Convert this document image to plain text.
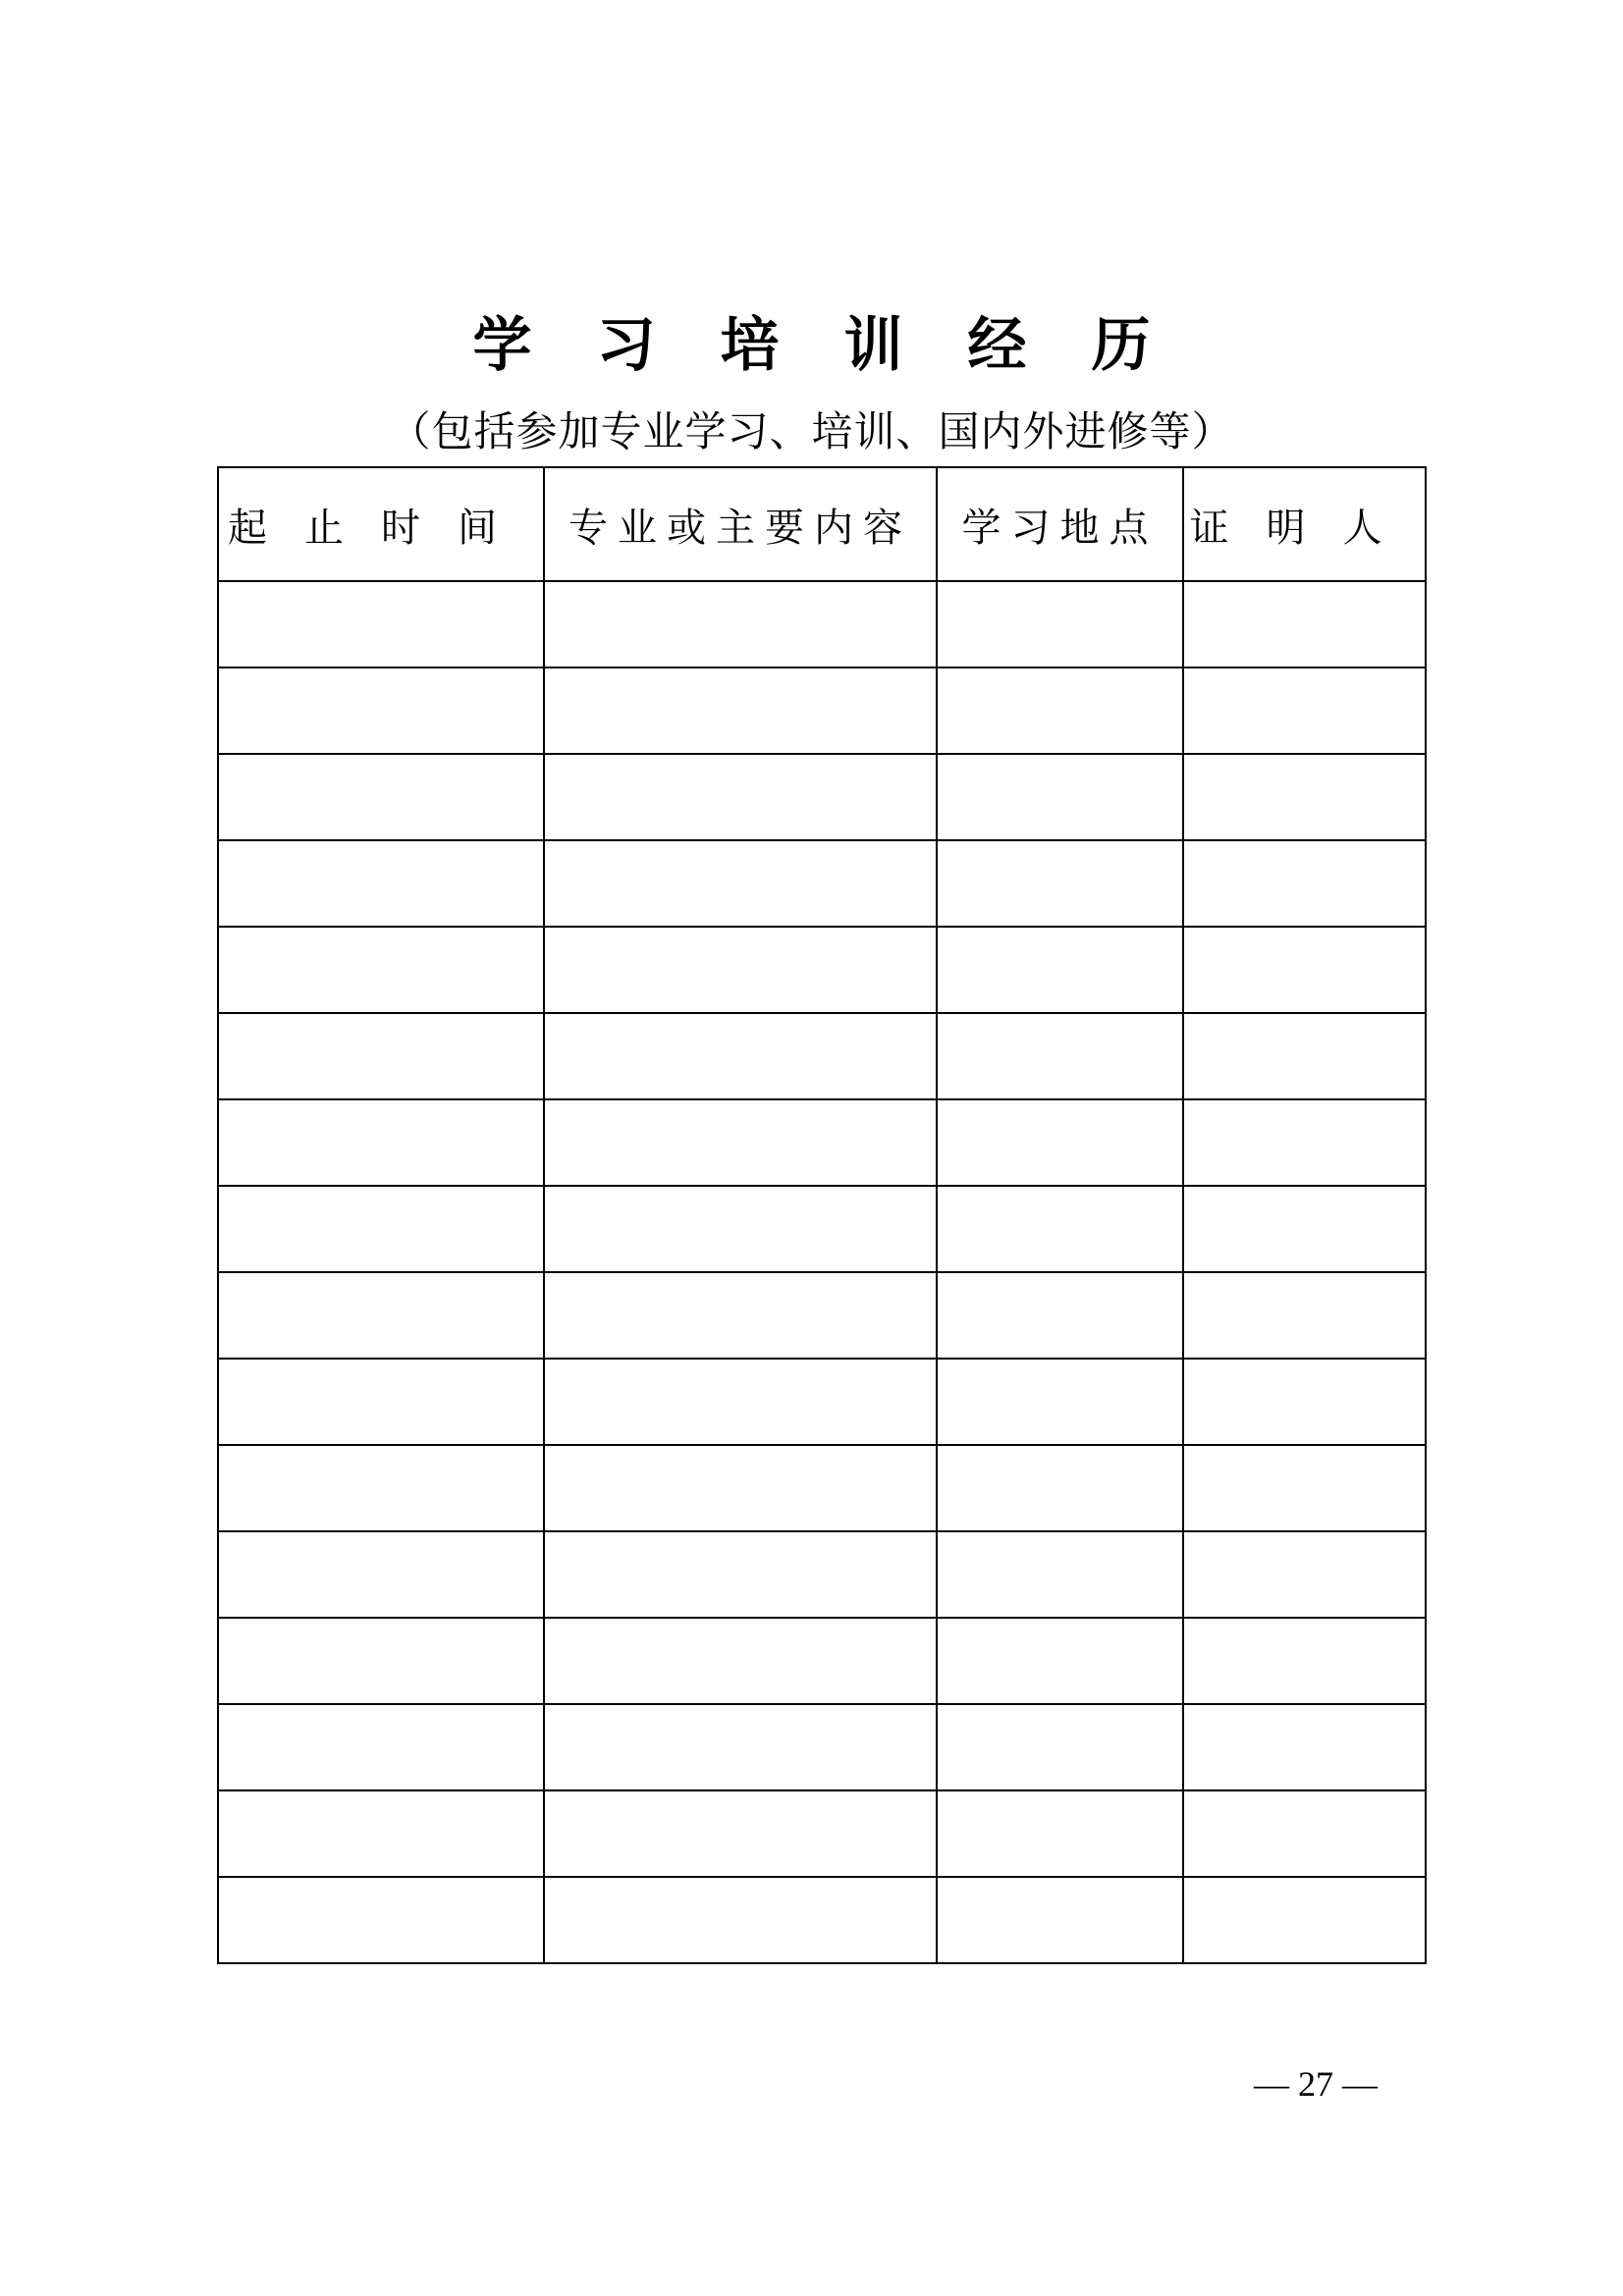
学习培训经历
（包括参加专业学习、培训、国内外进修等）
起止时间	专业或主要内容	学习地点	证明人

— 27 —
